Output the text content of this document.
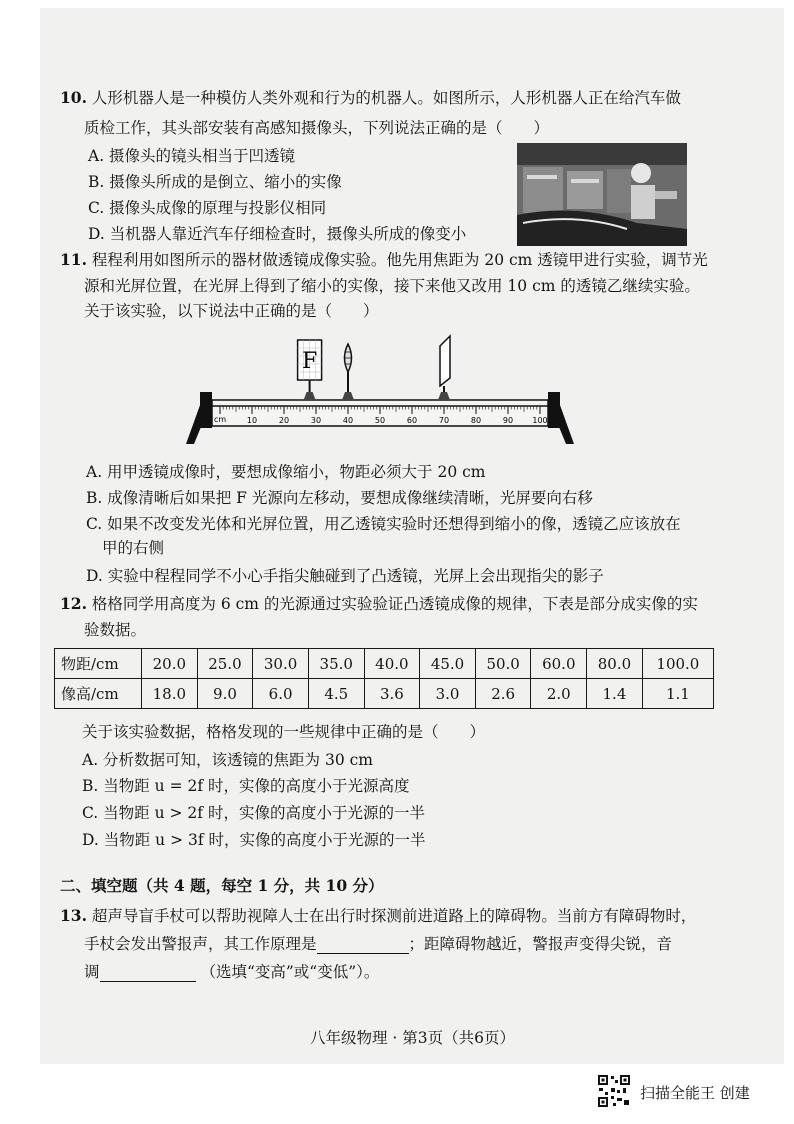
10. 人形机器人是一种模仿人类外观和行为的机器人。如图所示，人形机器人正在给汽车做
质检工作，其头部安装有高感知摄像头，下列说法正确的是（　　）
A. 摄像头的镜头相当于凹透镜
B. 摄像头所成的是倒立、缩小的实像
C. 摄像头成像的原理与投影仪相同
D. 当机器人靠近汽车仔细检查时，摄像头所成的像变小
11. 程程利用如图所示的器材做透镜成像实验。他先用焦距为 20 cm 透镜甲进行实验，调节光
源和光屏位置，在光屏上得到了缩小的实像，接下来他又改用 10 cm 的透镜乙继续实验。
关于该实验，以下说法中正确的是（　　）
cm	10	20	30	40	50	60	70	80	90 100
F
A. 用甲透镜成像时，要想成像缩小，物距必须大于 20 cm
B. 成像清晰后如果把 F 光源向左移动，要想成像继续清晰，光屏要向右移
C. 如果不改变发光体和光屏位置，用乙透镜实验时还想得到缩小的像，透镜乙应该放在
甲的右侧
D. 实验中程程同学不小心手指尖触碰到了凸透镜，光屏上会出现指尖的影子
12. 格格同学用高度为 6 cm 的光源通过实验验证凸透镜成像的规律，下表是部分成实像的实
验数据。
物距/cm	20.0	25.0	30.0	35.0	40.0	45.0	50.0	60.0	80.0	100.0
像高/cm	18.0	9.0	6.0	4.5	3.6	3.0	2.6	2.0	1.4	1.1
关于该实验数据，格格发现的一些规律中正确的是（　　）
A. 分析数据可知，该透镜的焦距为 30 cm
B. 当物距 u = 2f 时，实像的高度小于光源高度
C. 当物距 u > 2f 时，实像的高度小于光源的一半
D. 当物距 u > 3f 时，实像的高度小于光源的一半
二、填空题（共 4 题，每空 1 分，共 10 分）
13. 超声导盲手杖可以帮助视障人士在出行时探测前进道路上的障碍物。当前方有障碍物时，
手杖会发出警报声，其工作原理是	；距障碍物越近，警报声变得尖锐，音
调	（选填“变高”或“变低”）。
八年级物理 · 第3页（共6页）
扫描全能王 创建
